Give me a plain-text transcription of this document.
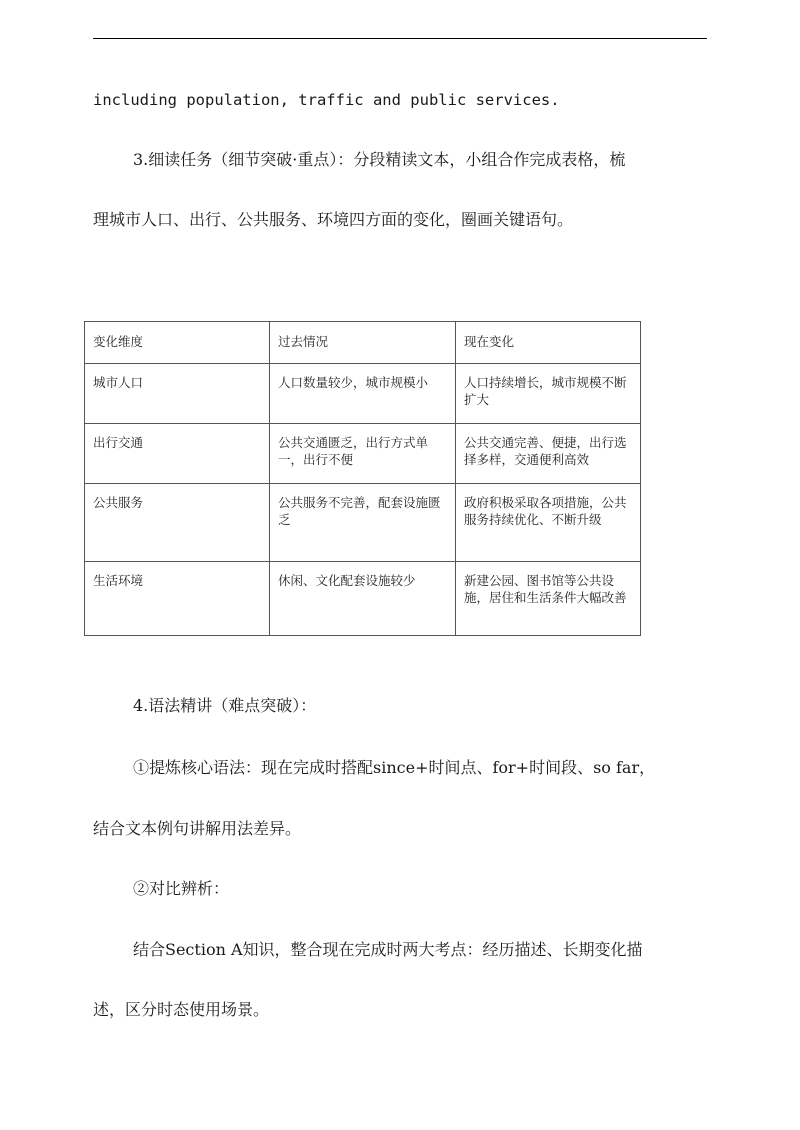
including population, traffic and public services.
3.细读任务（细节突破·重点）：分段精读文本，小组合作完成表格，梳
理城市人口、出行、公共服务、环境四方面的变化，圈画关键语句。
变化维度	过去情况	现在变化
城市人口	人口数量较少，城市规模小	人口持续增长，城市规模不断扩大
出行交通	公共交通匮乏，出行方式单一，出行不便	公共交通完善、便捷，出行选择多样，交通便利高效
公共服务	公共服务不完善，配套设施匮乏	政府积极采取各项措施，公共服务持续优化、不断升级
生活环境	休闲、文化配套设施较少	新建公园、图书馆等公共设施，居住和生活条件大幅改善
4.语法精讲（难点突破）：
①提炼核心语法：现在完成时搭配since+时间点、for+时间段、so far，
结合文本例句讲解用法差异。
②对比辨析：
结合Section A知识，整合现在完成时两大考点：经历描述、长期变化描
述，区分时态使用场景。
